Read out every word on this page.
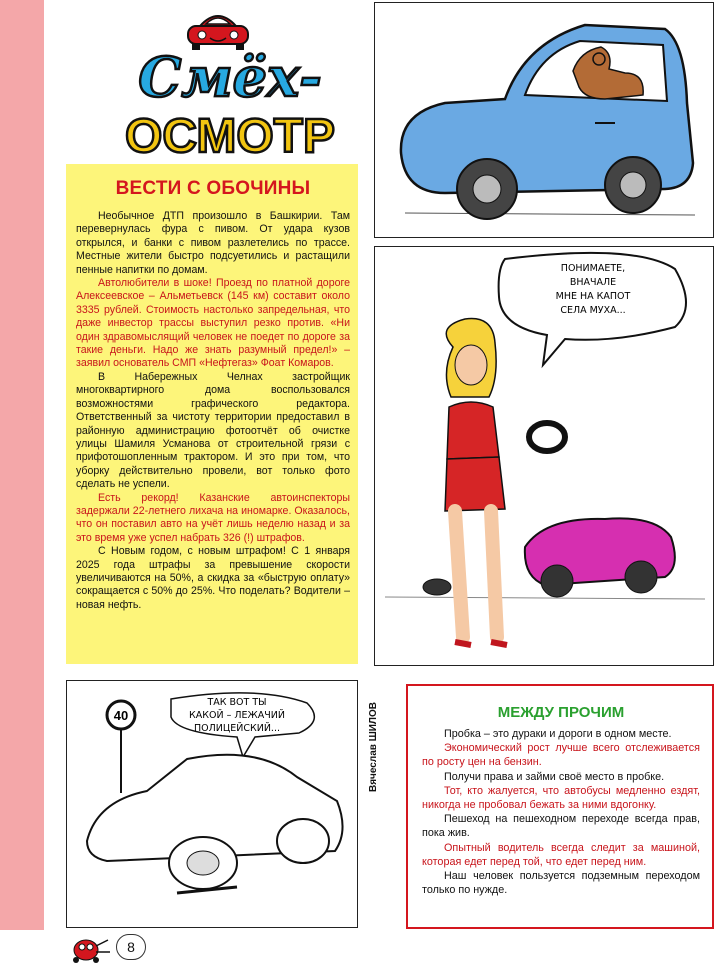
Смёх-
ОСМОТР
ВЕСТИ С ОБОЧИНЫ

Необычное ДТП произошло в Башкирии. Там перевернулась фура с пивом. От удара кузов открылся, и банки с пивом разлетелись по трассе. Местные жители быстро подсуетились и растащили пенные напитки по домам.

Автолюбители в шоке! Проезд по платной дороге Алексеевское – Альметьевск (145 км) составит около 3335 рублей. Стоимость настолько запредельная, что даже инвестор трассы выступил резко против. «Ни один здравомыслящий человек не поедет по дороге за такие деньги. Надо же знать разумный предел!» – заявил основатель СМП «Нефтегаз» Фоат Комаров.

В Набережных Челнах застройщик многоквартирного дома воспользовался возможностями графического редактора. Ответственный за чистоту территории предоставил в районную администрацию фотоотчёт об очистке улицы Шамиля Усманова от строительной грязи с прифотошопленным трактором. И это при том, что уборку действительно провели, вот только фото сделать не успели.

Есть рекорд! Казанские автоинспекторы задержали 22-летнего лихача на иномарке. Оказалось, что он поставил авто на учёт лишь неделю назад и за это время уже успел набрать 326 (!) штрафов.

С Новым годом, с новым штрафом! С 1 января 2025 года штрафы за превышение скорости увеличиваются на 50%, а скидка за «быструю оплату» сокращается с 50% до 25%. Что поделать? Водители – новая нефть.

ПОНИМАЕТЕ,
ВНАЧАЛЕ
МНЕ НА КАПОТ
СЕЛА МУХА...
40
ТАК ВОТ ТЫ
КАКОЙ – ЛЕЖАЧИЙ
ПОЛИЦЕЙСКИЙ...	Вячеслав ШИЛОВ	МЕЖДУ ПРОЧИМ

Пробка – это дураки и дороги в одном месте.

Экономический рост лучше всего отслеживается по росту цен на бензин.

Получи права и займи своё место в пробке.

Тот, кто жалуется, что автобусы медленно ездят, никогда не пробовал бежать за ними вдогонку.

Пешеход на пешеходном переходе всегда прав, пока жив.

Опытный водитель всегда следит за машиной, которая едет перед той, что едет перед ним.

Наш человек пользуется подземным переходом только по нужде.

8
